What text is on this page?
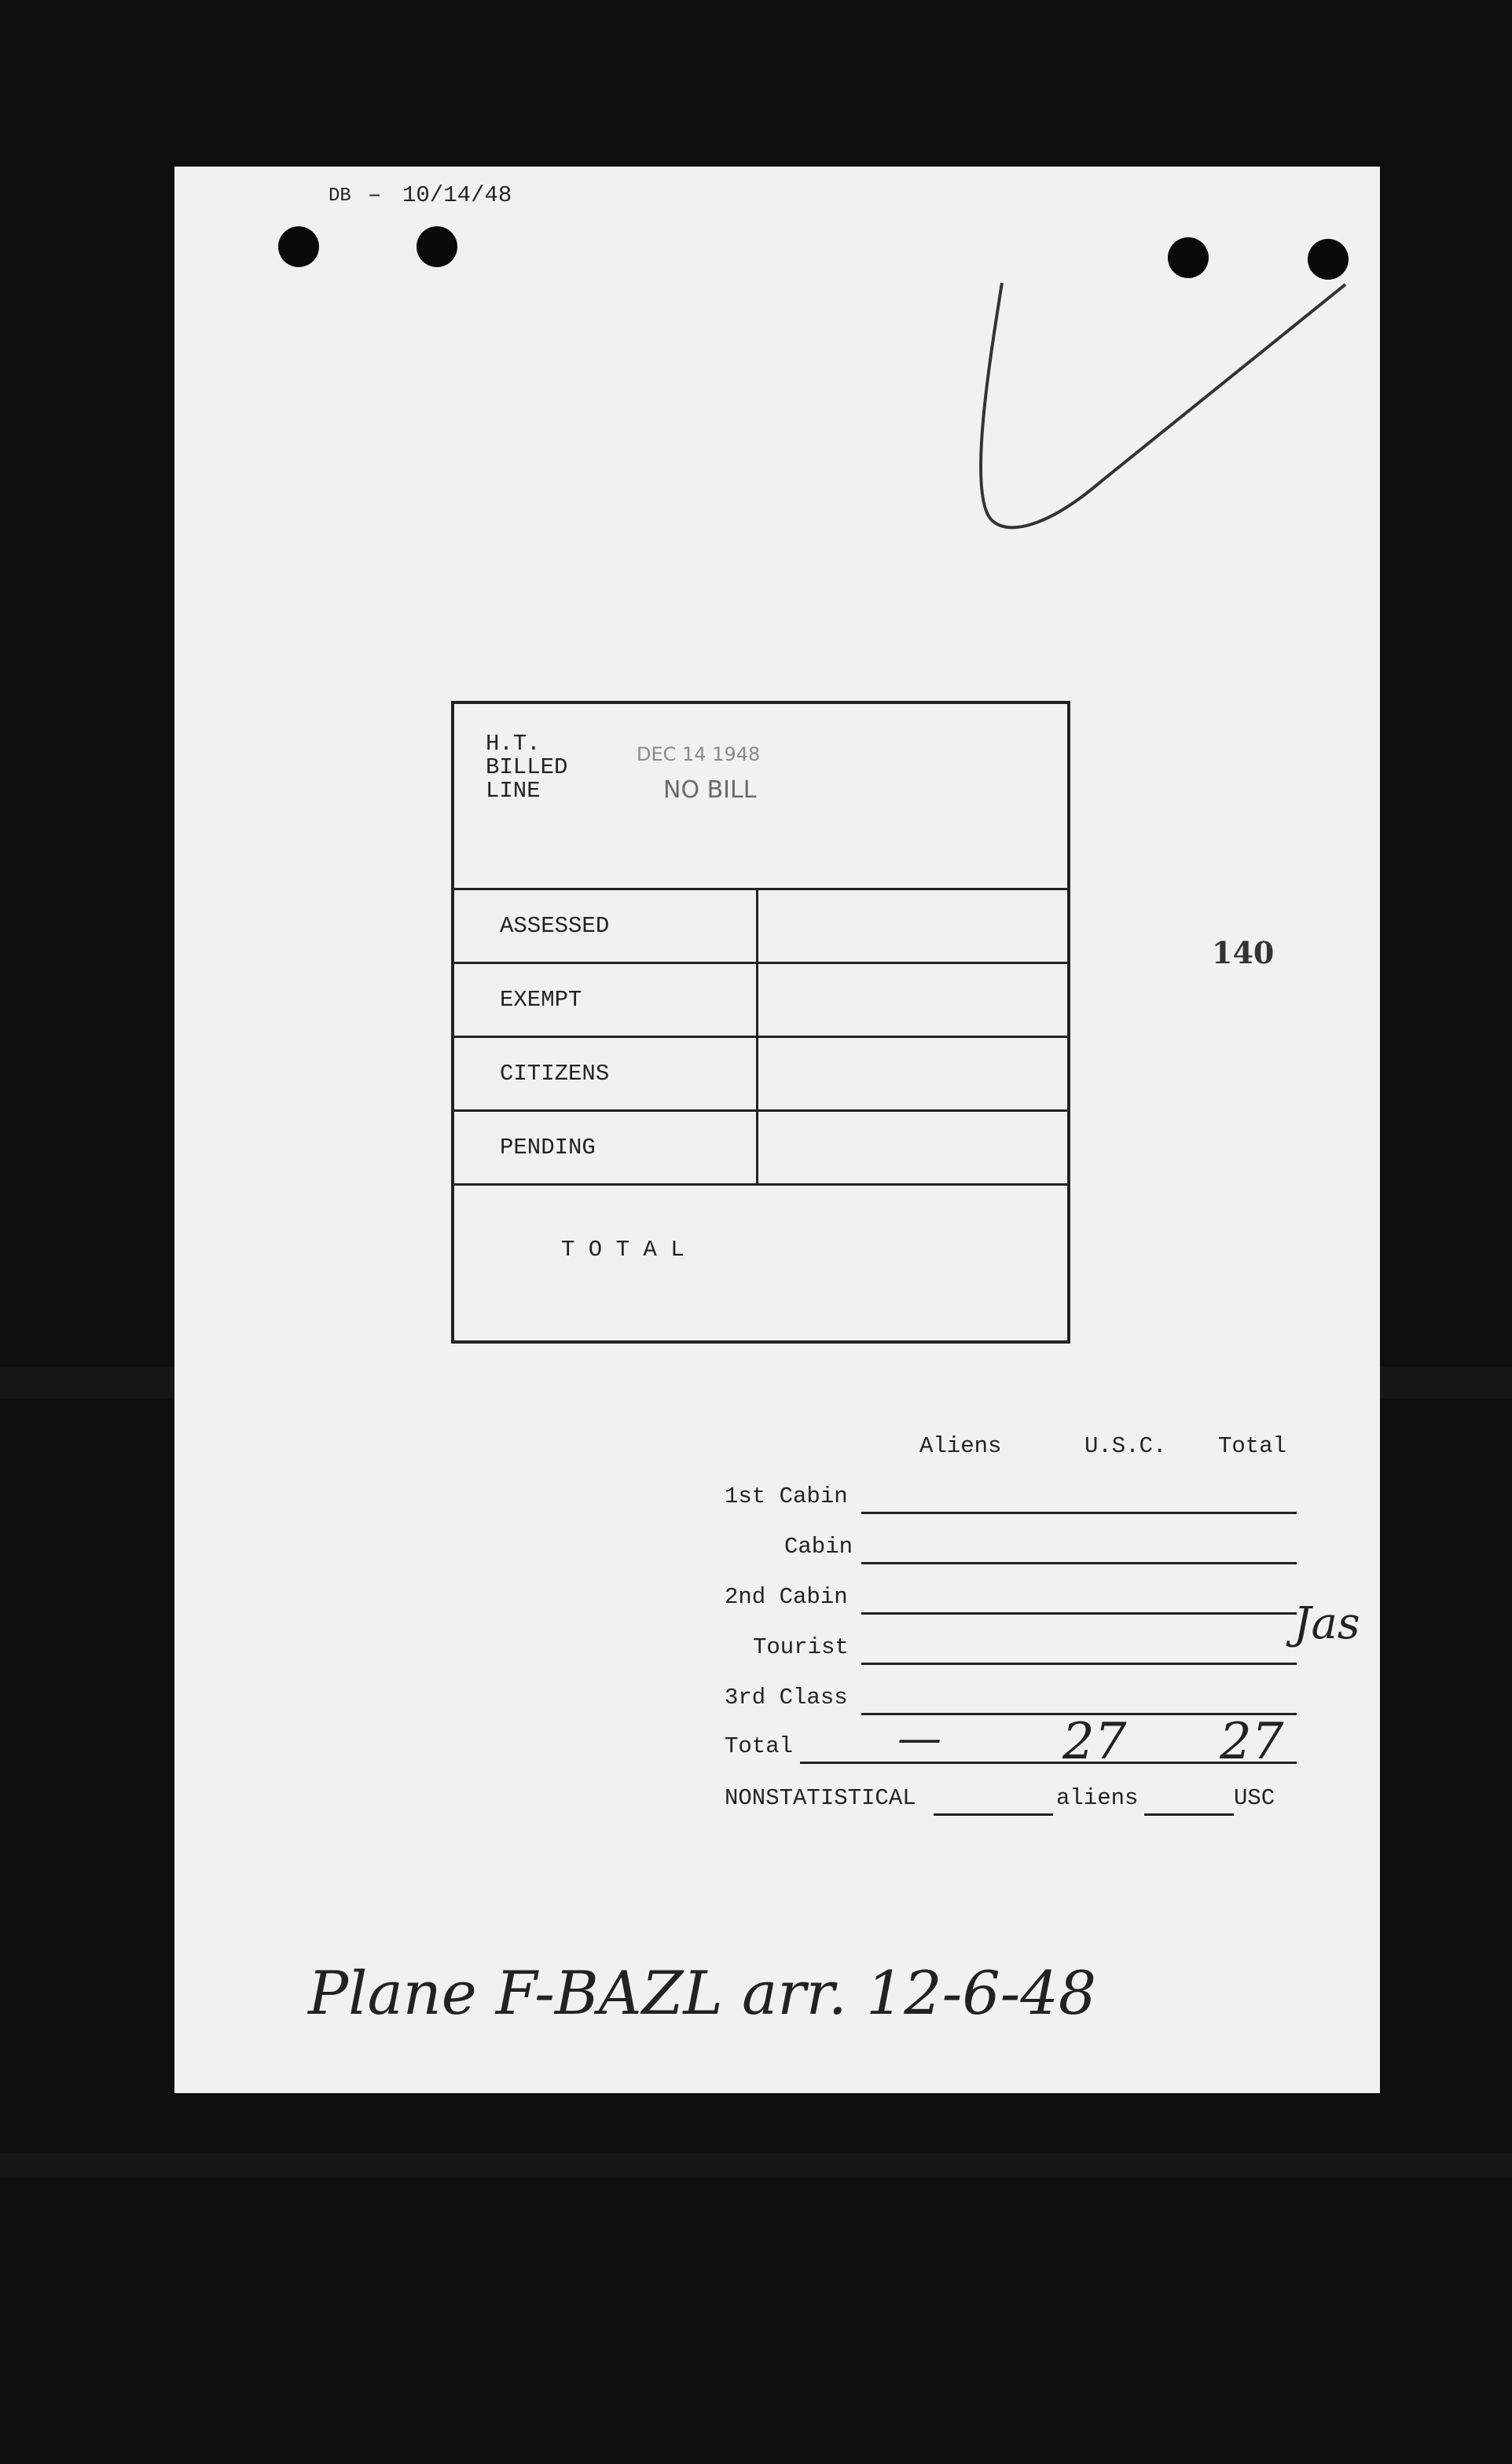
DB – 10/14/48
H.T.
BILLED
LINE
DEC 14 1948
NO BILL
ASSESSED
EXEMPT
CITIZENS
PENDING
T O T A L
140
Aliens	U.S.C. Total
1st Cabin
Cabin
2nd Cabin
Tourist
3rd Class
Jas
Total — 27 27
NONSTATISTICAL	aliens	USC
Plane F-BAZL arr. 12-6-48
